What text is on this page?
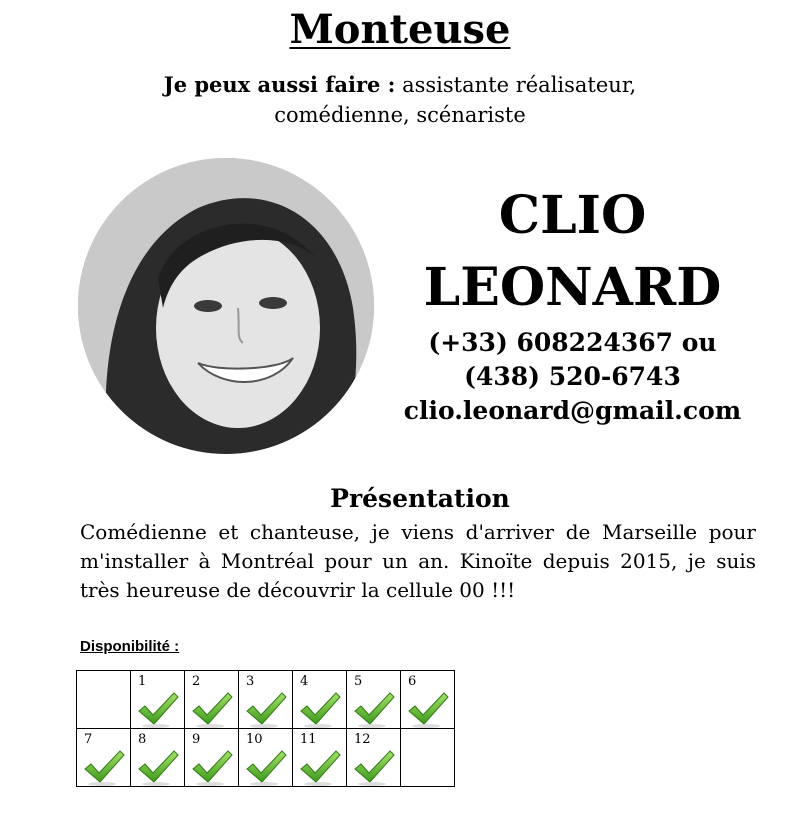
Monteuse
Je peux aussi faire : assistante réalisateur,
comédienne, scénariste
CLIO
LEONARD
(+33) 608224367 ou
(438) 520-6743
clio.leonard@gmail.com
Présentation
Comédienne et chanteuse, je viens d'arriver de Marseille pour m'installer à Montréal pour un an. Kinoïte depuis 2015, je suis très heureuse de découvrir la cellule 00 !!!
Disponibilité :

	1	2	3	4	5	6

7	8	9	10	11	12	
